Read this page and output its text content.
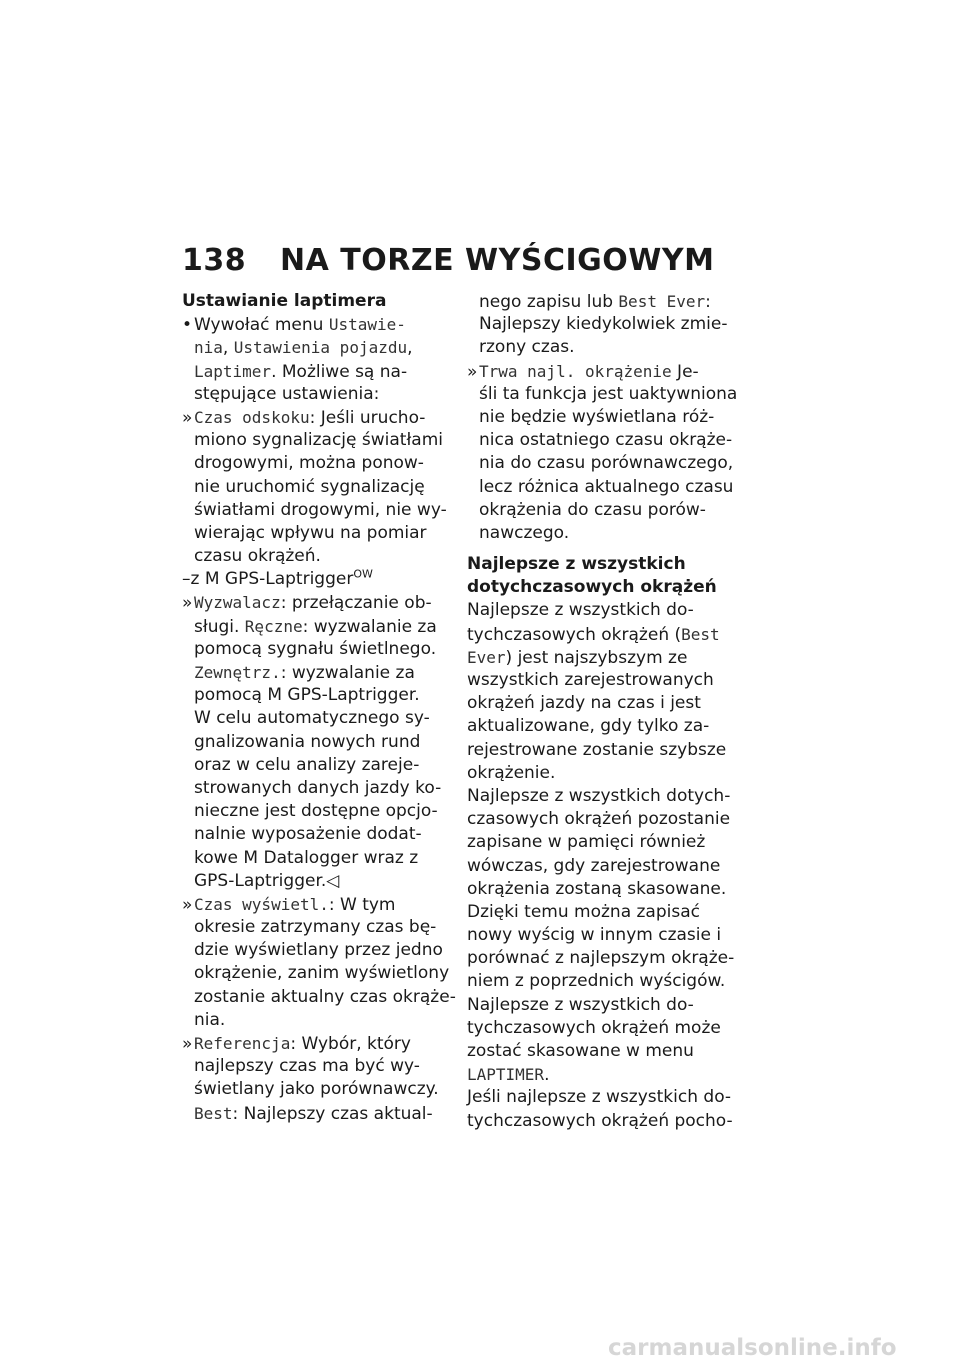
138 NA TORZE WYŚCIGOWYM
Ustawianie laptimera
• Wywołać menu Ustawie-
nia, Ustawienia pojazdu,
Laptimer. Możliwe są na-
stępujące ustawienia:
»Czas odskoku: Jeśli urucho-
miono sygnalizację światłami
drogowymi, można ponow-
nie uruchomić sygnalizację
światłami drogowymi, nie wy-
wierając wpływu na pomiar
czasu okrążeń.
–z M GPS-Laptrigger$^{OW}$
»Wyzwalacz: przełączanie ob-
sługi. Ręczne: wyzwalanie za
pomocą sygnału świetlnego.
Zewnętrz.: wyzwalanie za
pomocą M GPS-Laptrigger.
W celu automatycznego sy-
gnalizowania nowych rund
oraz w celu analizy zareje-
strowanych danych jazdy ko-
nieczne jest dostępne opcjo-
nalnie wyposażenie dodat-
kowe M Datalogger wraz z
GPS-Laptrigger.◁
»Czas wyświetl.: W tym
okresie zatrzymany czas bę-
dzie wyświetlany przez jedno
okrążenie, zanim wyświetlony
zostanie aktualny czas okrąże-
nia.
»Referencja: Wybór, który
najlepszy czas ma być wy-
świetlany jako porównawczy.
Best: Najlepszy czas aktual-
nego zapisu lub Best Ever:
Najlepszy kiedykolwiek zmie-
rzony czas.
»Trwa najl. okrążenie Je-
śli ta funkcja jest uaktywniona
nie będzie wyświetlana róż-
nica ostatniego czasu okrąże-
nia do czasu porównawczego,
lecz różnica aktualnego czasu
okrążenia do czasu porów-
nawczego.
Najlepsze z wszystkich
dotychczasowych okrążeń
Najlepsze z wszystkich do-
tychczasowych okrążeń (Best
Ever) jest najszybszym ze
wszystkich zarejestrowanych
okrążeń jazdy na czas i jest
aktualizowane, gdy tylko za-
rejestrowane zostanie szybsze
okrążenie.
Najlepsze z wszystkich dotych-
czasowych okrążeń pozostanie
zapisane w pamięci również
wówczas, gdy zarejestrowane
okrążenia zostaną skasowane.
Dzięki temu można zapisać
nowy wyścig w innym czasie i
porównać z najlepszym okrąże-
niem z poprzednich wyścigów.
Najlepsze z wszystkich do-
tychczasowych okrążeń może
zostać skasowane w menu
LAPTIMER.
Jeśli najlepsze z wszystkich do-
tychczasowych okrążeń pocho-
carmanualsonline.info
